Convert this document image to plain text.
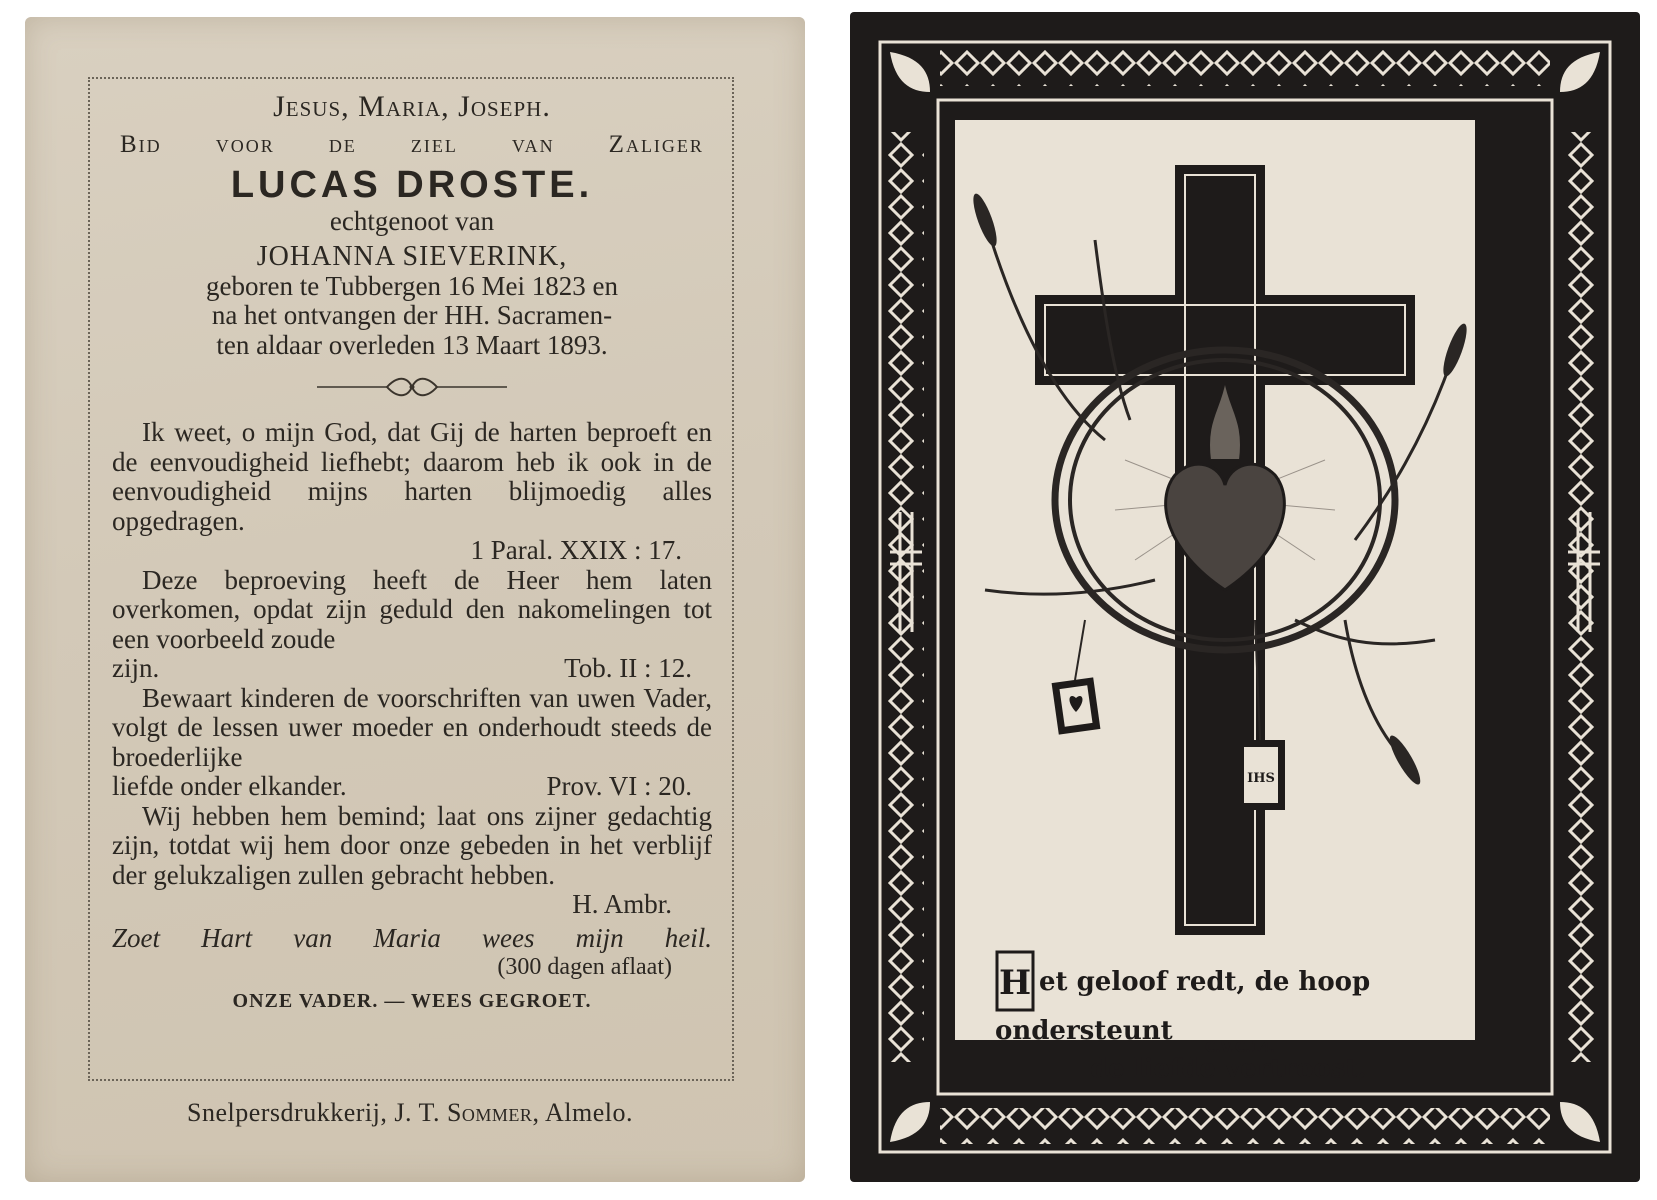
Jesus, Maria, Joseph.
Bid voor de ziel van Zaliger
LUCAS DROSTE.
echtgenoot van
JOHANNA SIEVERINK,
geboren te Tubbergen 16 Mei 1823 en
na het ontvangen der HH. Sacramen-
ten aldaar overleden 13 Maart 1893.
Ik weet, o mijn God, dat Gij de harten beproeft en de eenvoudigheid liefhebt; daarom heb ik ook in de eenvoudigheid mijns harten blijmoedig alles opgedragen.
1 Paral. XXIX : 17.
Deze beproeving heeft de Heer hem laten overkomen, opdat zijn geduld den nakomelingen tot een voorbeeld zoude
zijn.	Tob. II : 12.
Bewaart kinderen de voorschriften van uwen Vader, volgt de lessen uwer moeder en onderhoudt steeds de broederlijke
liefde onder elkander.	Prov. VI : 20.
Wij hebben hem bemind; laat ons zijner gedachtig zijn, totdat wij hem door onze gebeden in het verblijf der gelukzaligen zullen gebracht hebben.
H. Ambr.
Zoet Hart van Maria wees mijn heil.
(300 dagen aflaat)
ONZE VADER. — WEES GEGROET.
Snelpersdrukkerij, J. T. Sommer, Almelo.
IHS
H et geloof redt, de hoop ondersteunt
de liefde vertroost.
C.V.C.14.
